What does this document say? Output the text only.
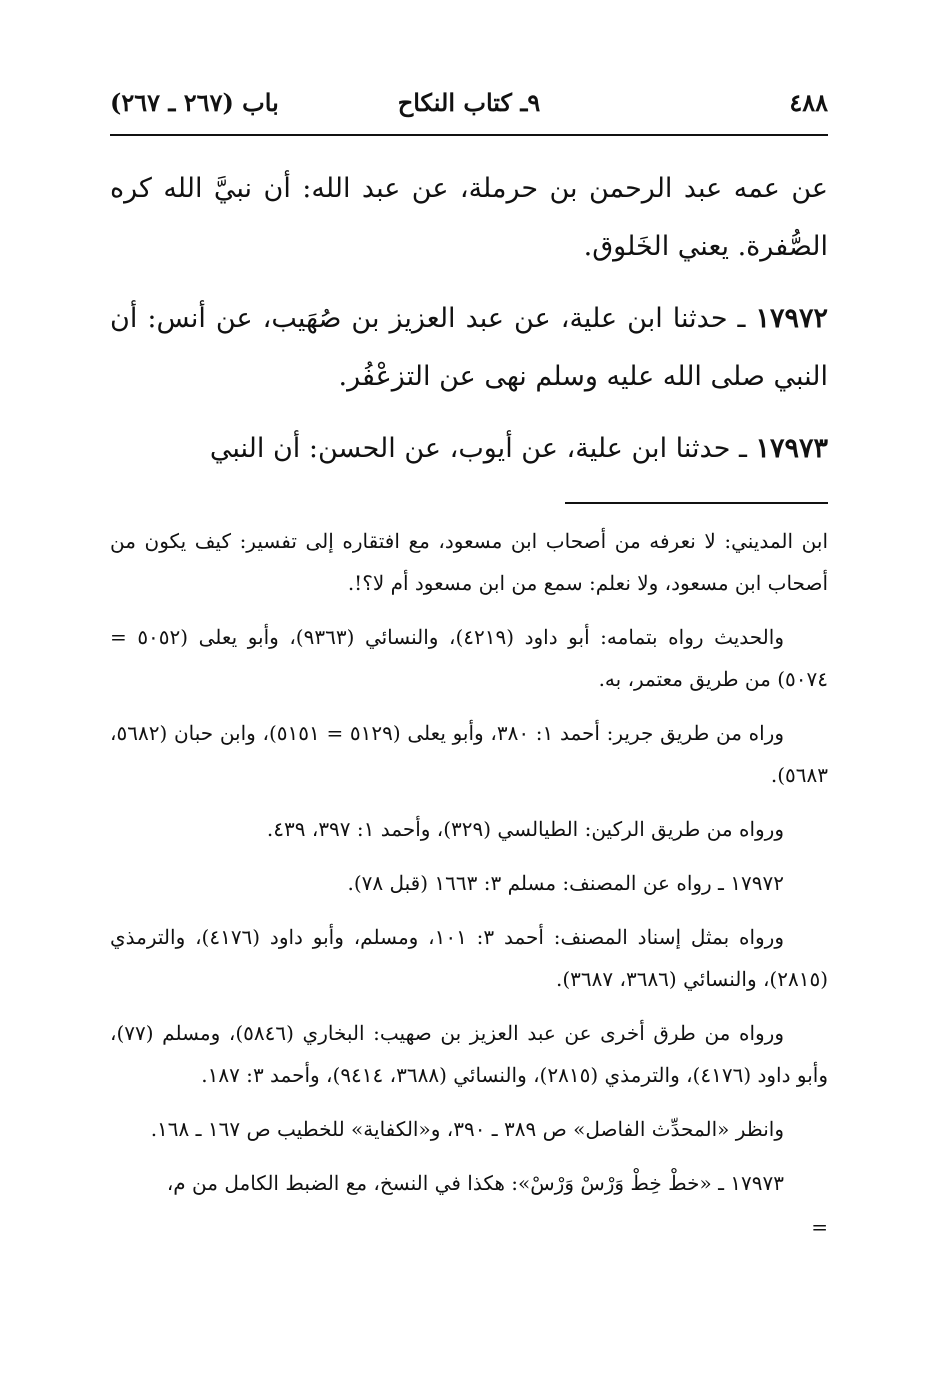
٤٨٨
٩ـ كتاب النكاح
باب (٢٦٧ ـ ٢٦٧)

عن عمه عبد الرحمن بن حرملة، عن عبد الله: أن نبيَّ الله كره الصُّفرة. يعني الخَلوق.

١٧٩٧٢ ـ حدثنا ابن علية، عن عبد العزيز بن صُهَيب، عن أنس: أن النبي صلى الله عليه وسلم نهى عن التزعْفُر.

١٧٩٧٣ ـ حدثنا ابن علية، عن أيوب، عن الحسن: أن النبي

ابن المديني: لا نعرفه من أصحاب ابن مسعود، مع افتقاره إلى تفسير: كيف يكون من أصحاب ابن مسعود، ولا نعلم: سمع من ابن مسعود أم لا؟!.

والحديث رواه بتمامه: أبو داود (٤٢١٩)، والنسائي (٩٣٦٣)، وأبو يعلى (٥٠٥٢ = ٥٠٧٤) من طريق معتمر، به.

وراه من طريق جرير: أحمد ١: ٣٨٠، وأبو يعلى (٥١٢٩ = ٥١٥١)، وابن حبان (٥٦٨٢، ٥٦٨٣).

ورواه من طريق الركين: الطيالسي (٣٢٩)، وأحمد ١: ٣٩٧، ٤٣٩.

١٧٩٧٢ ـ رواه عن المصنف: مسلم ٣: ١٦٦٣ (قبل ٧٨).

ورواه بمثل إسناد المصنف: أحمد ٣: ١٠١، ومسلم، وأبو داود (٤١٧٦)، والترمذي (٢٨١٥)، والنسائي (٣٦٨٦، ٣٦٨٧).

ورواه من طرق أخرى عن عبد العزيز بن صهيب: البخاري (٥٨٤٦)، ومسلم (٧٧)، وأبو داود (٤١٧٦)، والترمذي (٢٨١٥)، والنسائي (٣٦٨٨، ٩٤١٤)، وأحمد ٣: ١٨٧.

وانظر «المحدِّث الفاصل» ص ٣٨٩ ـ ٣٩٠، و«الكفاية» للخطيب ص ١٦٧ ـ ١٦٨.

١٧٩٧٣ ـ «خطْ خِطْ وَرْسْ وَرْسْ»: هكذا في النسخ، مع الضبط الكامل من م،

=
